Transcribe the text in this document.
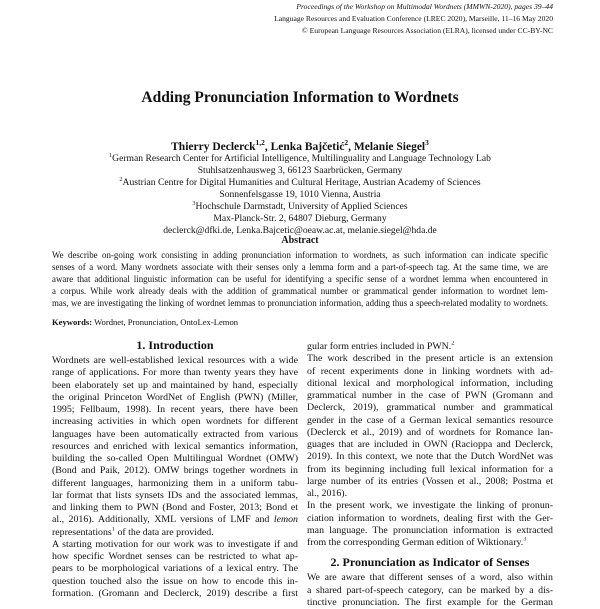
Proceedings of the Workshop on Multimodal Wordnets (MMWN-2020), pages 39–44
Language Resources and Evaluation Conference (LREC 2020), Marseille, 11–16 May 2020
© European Language Resources Association (ELRA), licensed under CC-BY-NC
Adding Pronunciation Information to Wordnets
Thierry Declerck$^{1,2}$, Lenka Bajčetić$^2$, Melanie Siegel$^3$
$^1$German Research Center for Artificial Intelligence, Multilinguality and Language Technology Lab
Stuhlsatzenhausweg 3, 66123 Saarbrücken, Germany
$^2$Austrian Centre for Digital Humanities and Cultural Heritage, Austrian Academy of Sciences
Sonnenfelsgasse 19, 1010 Vienna, Austria
$^3$Hochschule Darmstadt, University of Applied Sciences
Max-Planck-Str. 2, 64807 Dieburg, Germany
declerck@dfki.de, Lenka.Bajcetic@oeaw.ac.at, melanie.siegel@hda.de
Abstract
We describe on-going work consisting in adding pronunciation information to wordnets, as such information can indicate specific
senses of a word. Many wordnets associate with their senses only a lemma form and a part-of-speech tag. At the same time, we are
aware that additional linguistic information can be useful for identifying a specific sense of a wordnet lemma when encountered in
a corpus. While work already deals with the addition of grammatical number or grammatical gender information to wordnet lem-
mas, we are investigating the linking of wordnet lemmas to pronunciation information, adding thus a speech-related modality to wordnets.
Keywords: Wordnet, Pronunciation, OntoLex-Lemon
1. Introduction
Wordnets are well-established lexical resources with a wide
range of applications. For more than twenty years they have
been elaborately set up and maintained by hand, especially
the original Princeton WordNet of English (PWN) (Miller,
1995; Fellbaum, 1998). In recent years, there have been
increasing activities in which open wordnets for different
languages have been automatically extracted from various
resources and enriched with lexical semantics information,
building the so-called Open Multilingual Wordnet (OMW)
(Bond and Paik, 2012). OMW brings together wordnets in
different languages, harmonizing them in a uniform tabu-
lar format that lists synsets IDs and the associated lemmas,
and linking them to PWN (Bond and Foster, 2013; Bond et
al., 2016). Additionally, XML versions of LMF and lemon
representations$^1$ of the data are provided.
A starting motivation for our work was to investigate if and
how specific Wordnet senses can be restricted to what ap-
pears to be morphological variations of a lexical entry. The
question touched also the issue on how to encode this in-
formation. (Gromann and Declerck, 2019) describe a first
gular form entries included in PWN.$^2$
The work described in the present article is an extension
of recent experiments done in linking wordnets with ad-
ditional lexical and morphological information, including
grammatical number in the case of PWN (Gromann and
Declerck, 2019), grammatical number and grammatical
gender in the case of a German lexical semantics resource
(Declerck et al., 2019) and of wordnets for Romance lan-
guages that are included in OWN (Racioppa and Declerck,
2019). In this context, we note that the Dutch WordNet was
from its beginning including full lexical information for a
large number of its entries (Vossen et al., 2008; Postma et
al., 2016).
In the present work, we investigate the linking of pronun-
ciation information to wordnets, dealing first with the Ger-
man language. The pronunciation information is extracted
from the corresponding German edition of Wiktionary.$^3$
2. Pronunciation as Indicator of Senses
We are aware that different senses of a word, also within
a shared part-of-speech category, can be marked by a dis-
tinctive pronunciation. The first example for the German
